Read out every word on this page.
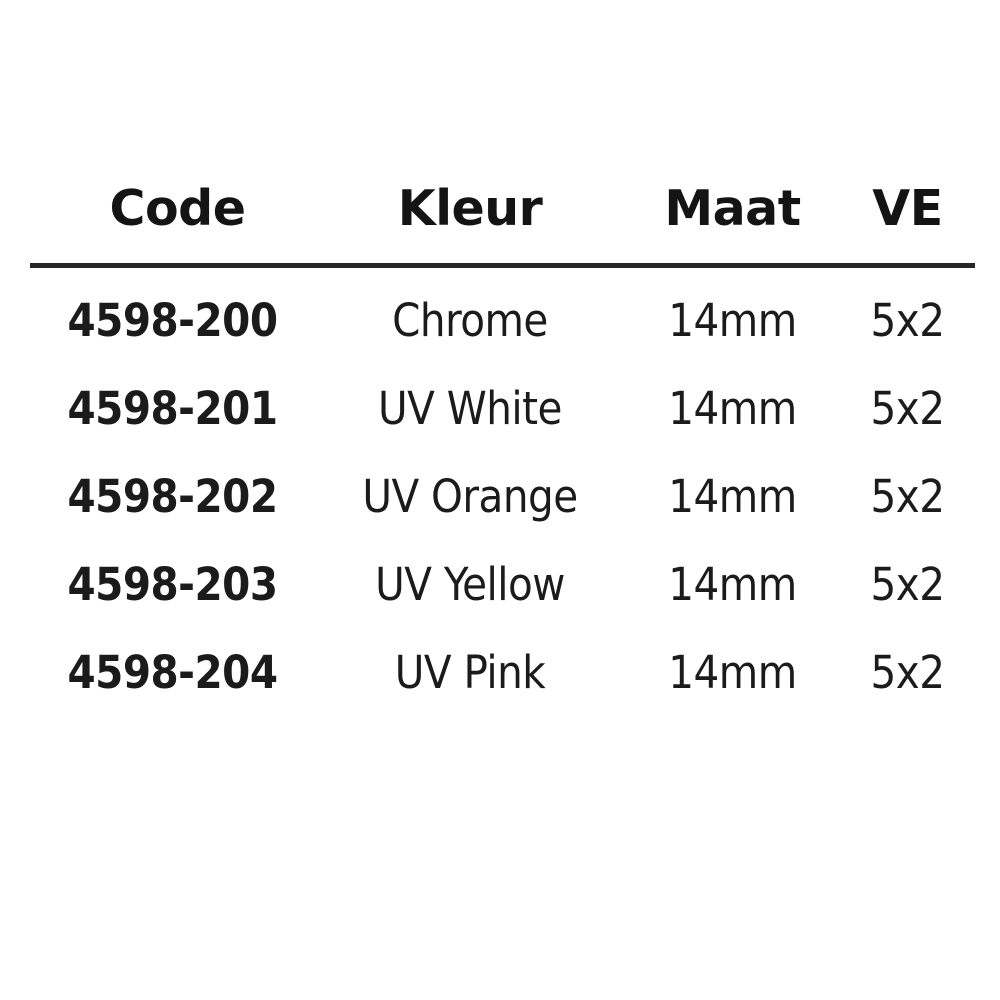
Code	Kleur	Maat	VE

4598-200	Chrome	14mm	5x2
4598-201	UV White	14mm	5x2
4598-202	UV Orange	14mm	5x2
4598-203	UV Yellow	14mm	5x2
4598-204	UV Pink	14mm	5x2
